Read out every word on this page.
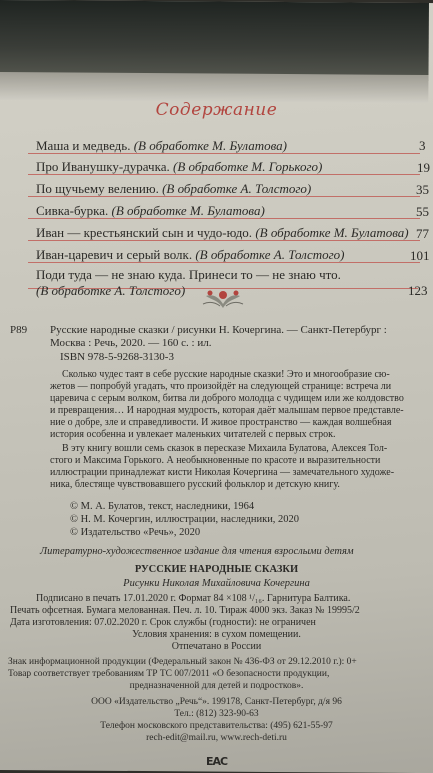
Содержание
Маша и медведь. (В обработке М. Булатова)	3
Про Иванушку-дурачка. (В обработке М. Горького)	19
По щучьему велению. (В обработке А. Толстого)	35
Сивка-бурка. (В обработке М. Булатова)	55
Иван — крестьянский сын и чудо-юдо. (В обработке М. Булатова) 77
Иван-царевич и серый волк. (В обработке А. Толстого)	101
Поди туда — не знаю куда. Принеси то — не знаю что.
(В обработке А. Толстого)	123
Р89 Русские народные сказки / рисунки Н. Кочергина. — Санкт-Петербург :
Москва : Речь, 2020. — 160 с. : ил.
ISBN 978-5-9268-3130-3
Сколько чудес таят в себе русские народные сказки! Это и многообразие сю-
жетов — попробуй угадать, что произойдёт на следующей странице: встреча ли
царевича с серым волком, битва ли доброго молодца с чудищем или же колдовство
и превращения… И народная мудрость, которая даёт малышам первое представле-
ние о добре, зле и справедливости. И живое пространство — каждая волшебная
история особенна и увлекает маленьких читателей с первых строк.
В эту книгу вошли семь сказок в пересказе Михаила Булатова, Алексея Тол-
стого и Максима Горького. А необыкновенные по красоте и выразительности
иллюстрации принадлежат кисти Николая Кочергина — замечательного художе-
ника, блестяще чувствовавшего русский фольклор и детскую книгу.
© М. А. Булатов, текст, наследники, 1964
© Н. М. Кочергин, иллюстрации, наследники, 2020
© Издательство «Речь», 2020
Литературно-художественное издание для чтения взрослыми детям
РУССКИЕ НАРОДНЫЕ СКАЗКИ
Рисунки Николая Михайловича Кочергина
Подписано в печать 17.01.2020 г. Формат 84 ×108 ¹/₁₆. Гарнитура Балтика.
Печать офсетная. Бумага мелованная. Печ. л. 10. Тираж 4000 экз. Заказ № 19995/2
Дата изготовления: 07.02.2020 г. Срок службы (годности): не ограничен
Условия хранения: в сухом помещении.
Отпечатано в России
Знак информационной продукции (Федеральный закон № 436-ФЗ от 29.12.2010 г.): 0+
Товар соответствует требованиям ТР ТС 007/2011 «О безопасности продукции,
предназначенной для детей и подростков».
ООО «Издательство „Речь“». 199178, Санкт-Петербург, д/я 96
Тел.: (812) 323-90-63
Телефон московского представительства: (495) 621-55-97
rech-edit@mail.ru, www.rech-deti.ru
EAC
